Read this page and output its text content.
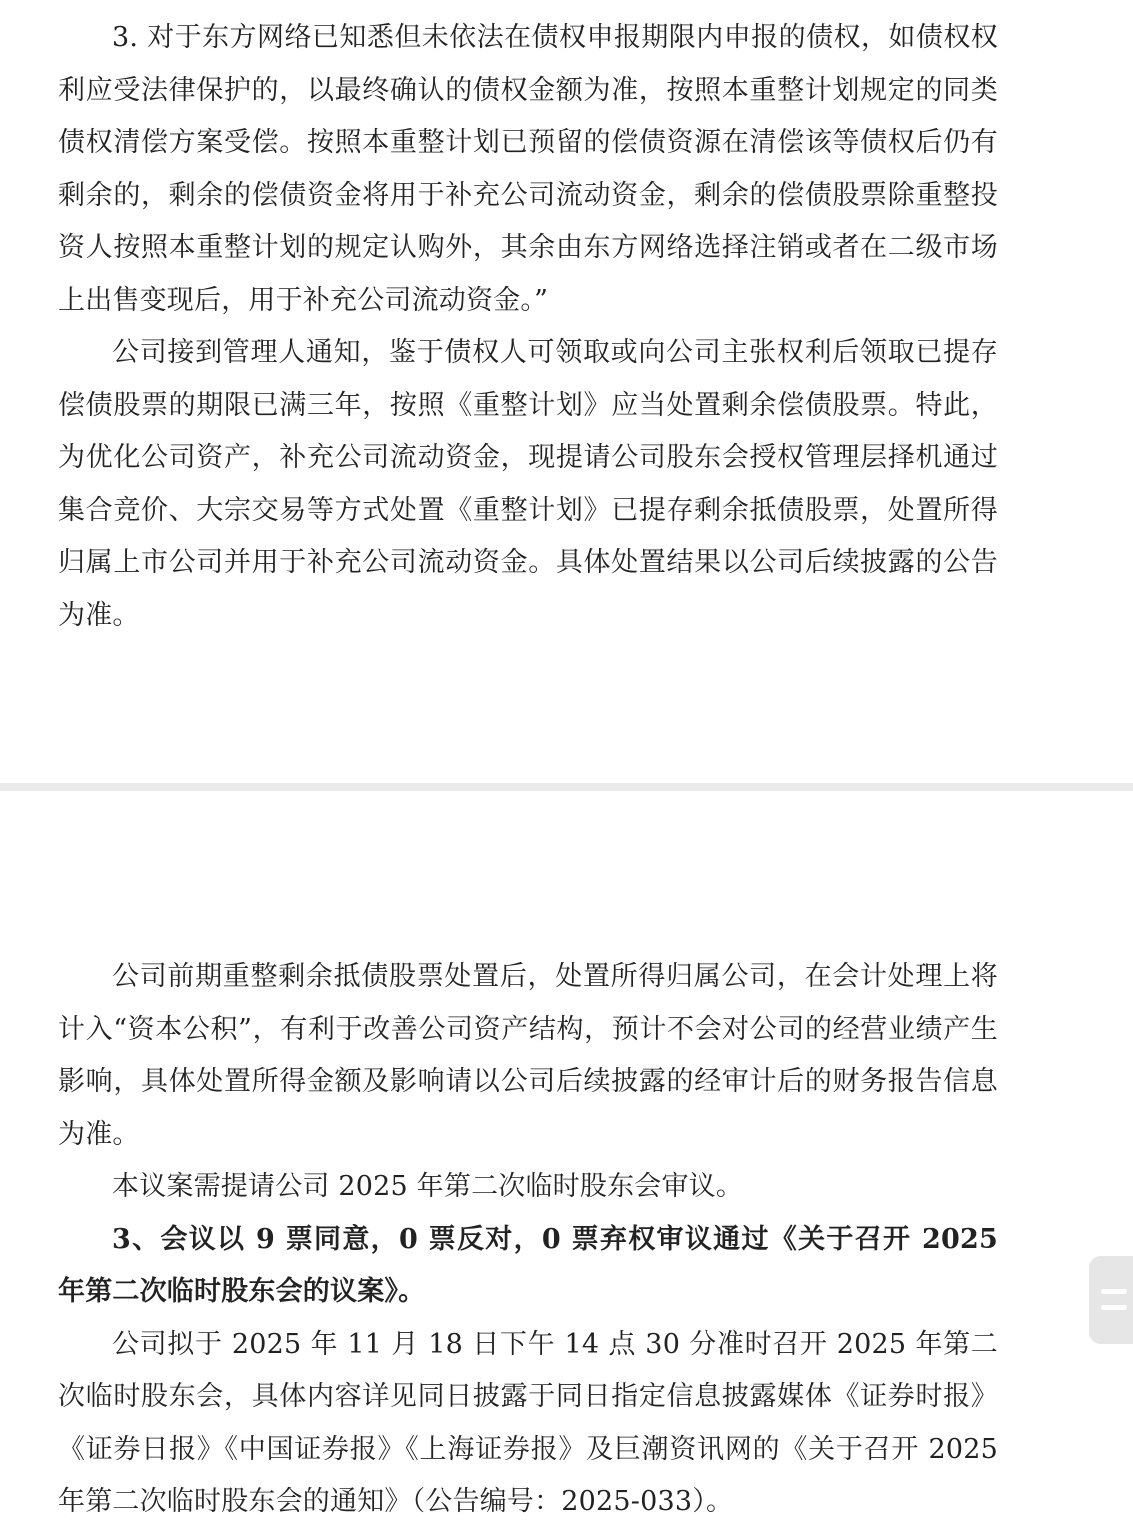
3. 对于东方网络已知悉但未依法在债权申报期限内申报的债权，如债权权利应受法律保护的，以最终确认的债权金额为准，按照本重整计划规定的同类债权清偿方案受偿。按照本重整计划已预留的偿债资源在清偿该等债权后仍有剩余的，剩余的偿债资金将用于补充公司流动资金，剩余的偿债股票除重整投资人按照本重整计划的规定认购外，其余由东方网络选择注销或者在二级市场上出售变现后，用于补充公司流动资金。”

公司接到管理人通知，鉴于债权人可领取或向公司主张权利后领取已提存偿债股票的期限已满三年，按照《重整计划》应当处置剩余偿债股票。特此，为优化公司资产，补充公司流动资金，现提请公司股东会授权管理层择机通过集合竞价、大宗交易等方式处置《重整计划》已提存剩余抵债股票，处置所得归属上市公司并用于补充公司流动资金。具体处置结果以公司后续披露的公告为准。

公司前期重整剩余抵债股票处置后，处置所得归属公司，在会计处理上将计入“资本公积”，有利于改善公司资产结构，预计不会对公司的经营业绩产生影响，具体处置所得金额及影响请以公司后续披露的经审计后的财务报告信息为准。

本议案需提请公司 2025 年第二次临时股东会审议。

3、会议以 9 票同意，0 票反对，0 票弃权审议通过《关于召开 2025 年第二次临时股东会的议案》。

公司拟于 2025 年 11 月 18 日下午 14 点 30 分准时召开 2025 年第二次临时股东会，具体内容详见同日披露于同日指定信息披露媒体《证券时报》《证券日报》《中国证券报》《上海证券报》及巨潮资讯网的《关于召开 2025 年第二次临时股东会的通知》（公告编号：2025-033）。
